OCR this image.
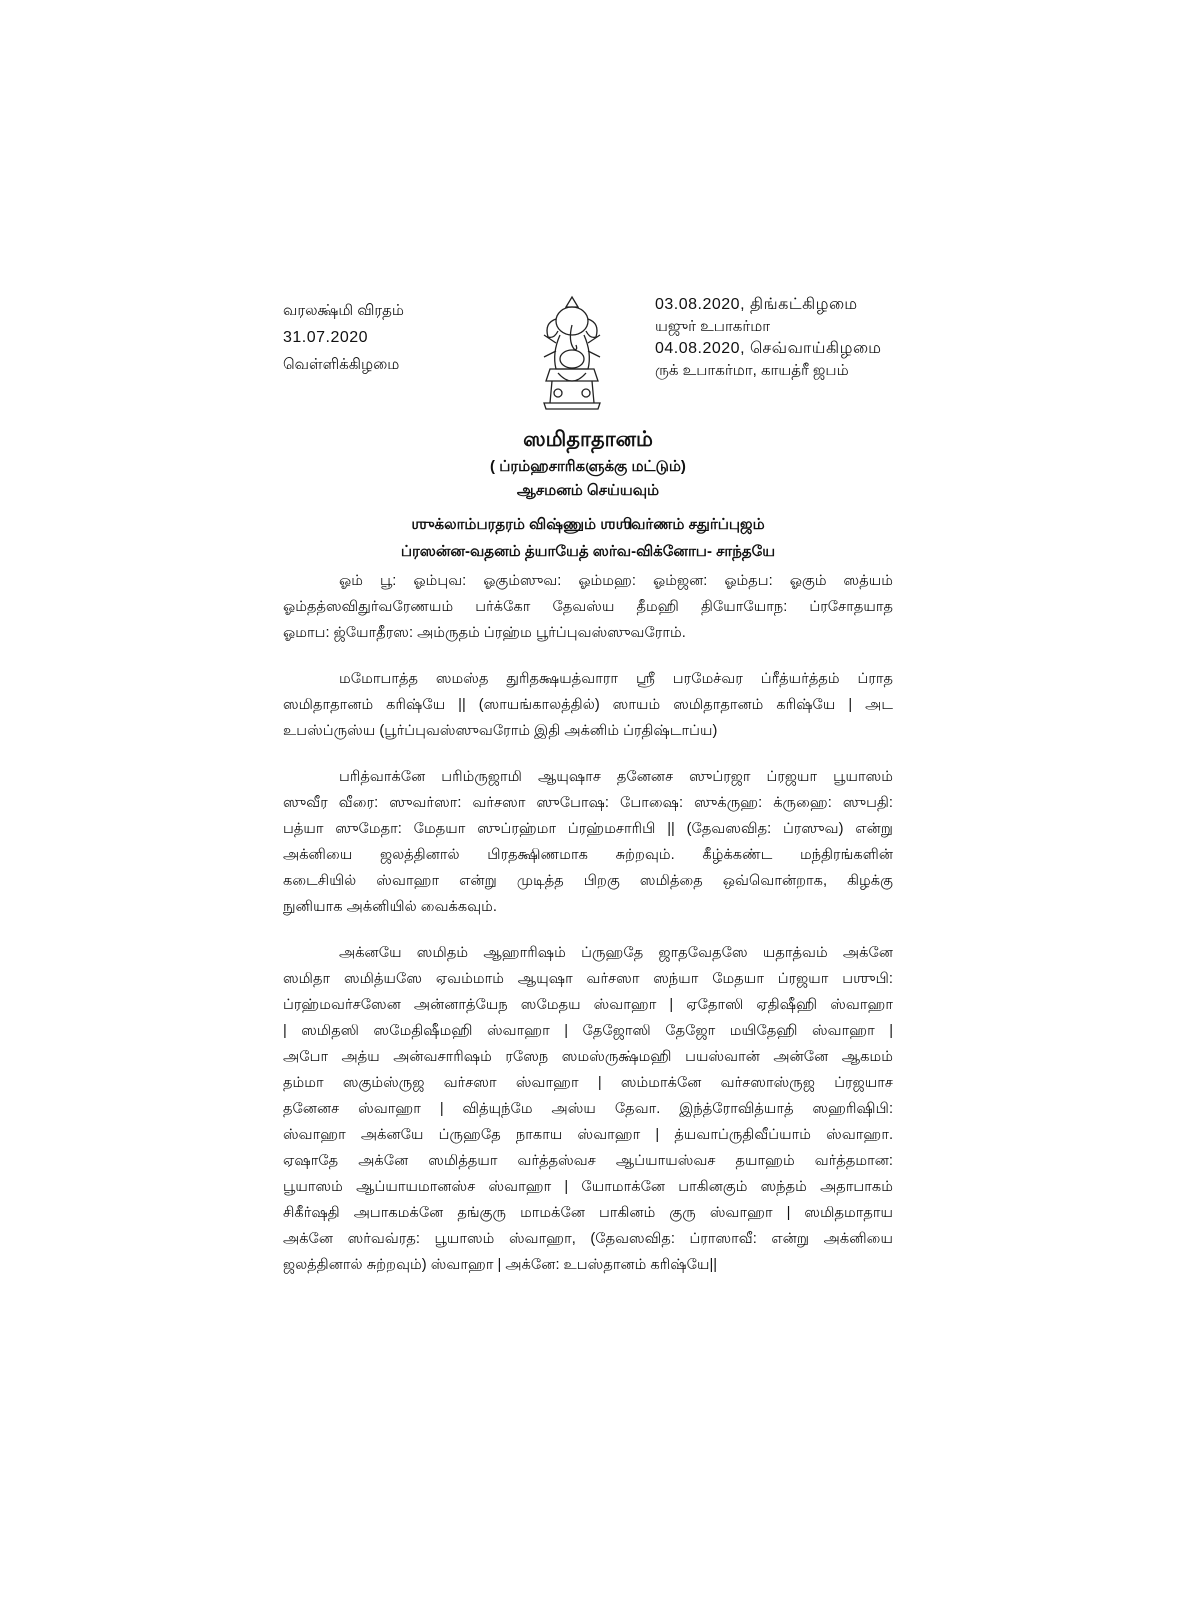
வரலக்ஷ்மி விரதம்
31.07.2020
வெள்ளிக்கிழமை
03.08.2020, திங்கட்கிழமை
யஜுர் உபாகர்மா
04.08.2020, செவ்வாய்கிழமை
ருக் உபாகர்மா, காயத்ரீ ஜபம்
ஸமிதாதானம்
( ப்ரம்ஹசாரிகளுக்கு மட்டும்)
ஆசமனம் செய்யவும்
ஶுக்லாம்பரதரம் விஷ்ணும் ஶஶிவர்ணம் சதுர்ப்புஜம்
ப்ரஸன்ன-வதனம் த்யாயேத் ஸர்வ-விக்னோப- சாந்தயே
ஓம் பூ: ஓம்புவ: ஓகும்ஸுவ: ஓம்மஹ: ஓம்ஜன: ஓம்தப: ஓகும் ஸத்யம்
ஓம்தத்ஸவிதுர்வரேணயம் பர்க்கோ தேவஸ்ய தீமஹி தியோயோந: ப்ரசோதயாத
ஓமாப: ஜ்யோதீரஸ: அம்ருதம் ப்ரஹ்ம பூர்ப்புவஸ்ஸுவரோம்.
மமோபாத்த ஸமஸ்த துரிதக்ஷயத்வாரா ஸ்ரீ பரமேச்வர ப்ரீத்யர்த்தம் ப்ராத
ஸமிதாதானம் கரிஷ்யே || (ஸாயங்காலத்தில்) ஸாயம் ஸமிதாதானம் கரிஷ்யே | அட
உபஸ்ப்ருஸ்ய (பூர்ப்புவஸ்ஸுவரோம் இதி அக்னிம் ப்ரதிஷ்டாப்ய)
பரித்வாக்னே பரிம்ருஜாமி ஆயுஷாச தனேனச ஸுப்ரஜா ப்ரஜயா பூயாஸம்
ஸுவீர வீரை: ஸுவர்ஸா: வர்சஸா ஸுபோஷ: போஷை: ஸுக்ருஹ: க்ருஹை: ஸுபதி:
பத்யா ஸுமேதா: மேதயா ஸுப்ரஹ்மா ப்ரஹ்மசாரிபி || (தேவஸவித: ப்ரஸுவ) என்று
அக்னியை ஜலத்தினால் பிரதக்ஷிணமாக சுற்றவும். கீழ்க்கண்ட மந்திரங்களின்
கடைசியில் ஸ்வாஹா என்று முடித்த பிறகு ஸமித்தை ஒவ்வொன்றாக, கிழக்கு
நுனியாக அக்னியில் வைக்கவும்.
அக்னயே ஸமிதம் ஆஹாரிஷம் ப்ருஹதே ஜாதவேதஸே யதாத்வம் அக்னே
ஸமிதா ஸமித்யஸே ஏவம்மாம் ஆயுஷா வர்சஸா ஸந்யா மேதயா ப்ரஜயா பஶுபி:
ப்ரஹ்மவர்சஸேன அன்னாத்யேந ஸமேதய ஸ்வாஹா | ஏதோஸி ஏதிஷீஹி ஸ்வாஹா
| ஸமிதஸி ஸமேதிஷீமஹி ஸ்வாஹா | தேஜோஸி தேஜோ மயிதேஹி ஸ்வாஹா |
அபோ அத்ய அன்வசாரிஷம் ரஸேந ஸமஸ்ருக்ஷ்மஹி பயஸ்வான் அன்னே ஆகமம்
தம்மா ஸகும்ஸ்ருஜ வர்சஸா ஸ்வாஹா | ஸம்மாக்னே வர்சஸாஸ்ருஜ ப்ரஜயாச
தனேனச ஸ்வாஹா | வித்யுந்மே அஸ்ய தேவா. இந்த்ரோவித்யாத் ஸஹரிஷிபி:
ஸ்வாஹா அக்னயே ப்ருஹதே நாகாய ஸ்வாஹா | த்யவாப்ருதிவீப்யாம் ஸ்வாஹா.
ஏஷாதே அக்னே ஸமித்தயா வர்த்தஸ்வச ஆப்யாயஸ்வச தயாஹம் வர்த்தமான:
பூயாஸம் ஆப்யாயமானஸ்ச ஸ்வாஹா | யோமாக்னே பாகினகும் ஸந்தம் அதாபாகம்
சிகீர்ஷதி அபாகமக்னே தங்குரு மாமக்னே பாகினம் குரு ஸ்வாஹா | ஸமிதமாதாய
அக்னே ஸர்வவ்ரத: பூயாஸம் ஸ்வாஹா, (தேவஸவித: ப்ராஸாவீ: என்று அக்னியை
ஜலத்தினால் சுற்றவும்) ஸ்வாஹா | அக்னே: உபஸ்தானம் கரிஷ்யே||
